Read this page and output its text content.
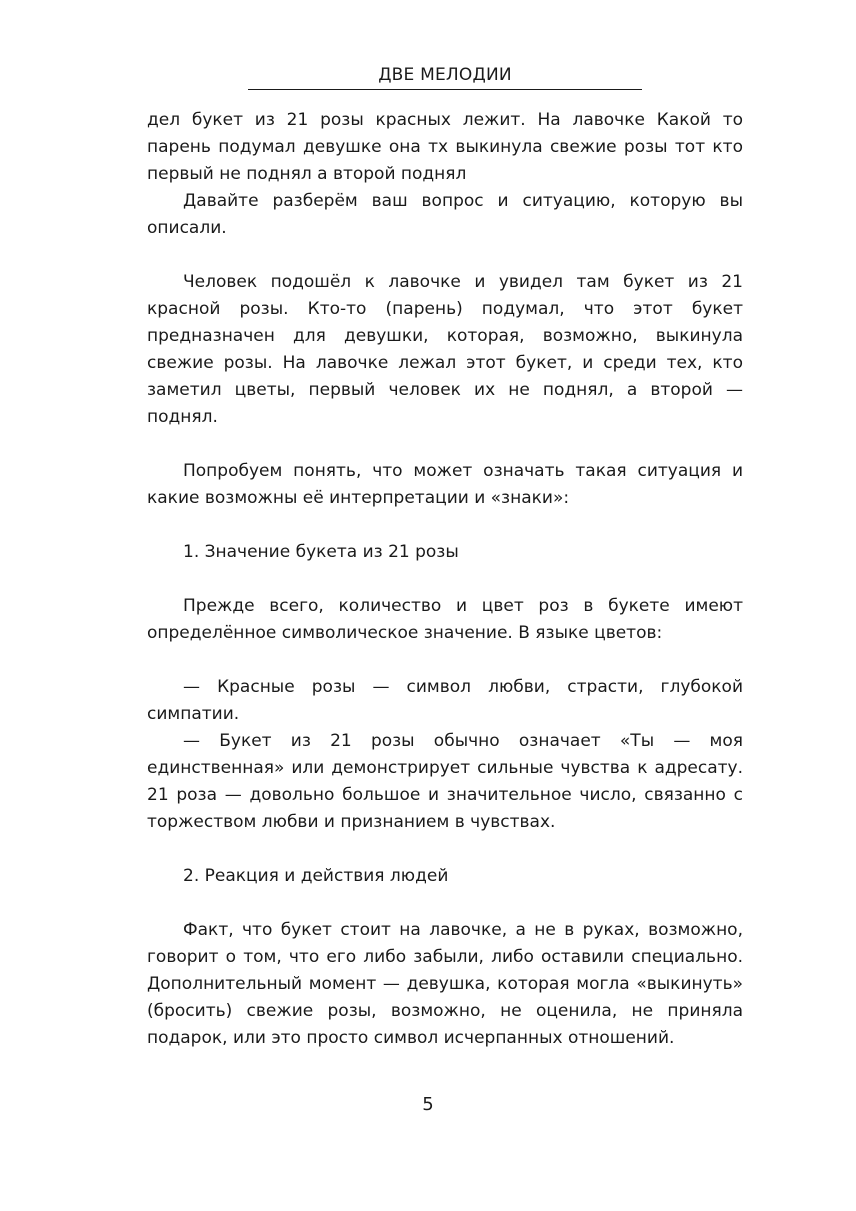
ДВЕ МЕЛОДИИ

дел букет из 21 розы красных лежит. На лавочке Какой то парень подумал девушке она тх выкинула свежие розы тот кто первый не поднял а второй поднял

Давайте разберём ваш вопрос и ситуацию, которую вы описали.

Человек подошёл к лавочке и увидел там букет из 21 красной розы. Кто-то (парень) подумал, что этот букет предназначен для девушки, которая, возможно, выкинула свежие розы. На лавочке лежал этот букет, и среди тех, кто заметил цветы, первый человек их не поднял, а второй — поднял.

Попробуем понять, что может означать такая ситуация и какие возможны её интерпретации и «знаки»:

1. Значение букета из 21 розы

Прежде всего, количество и цвет роз в букете имеют определённое символическое значение. В языке цветов:

— Красные розы — символ любви, страсти, глубокой симпатии.

— Букет из 21 розы обычно означает «Ты — моя единственная» или демонстрирует сильные чувства к адресату. 21 роза — довольно большое и значительное число, связанно с торжеством любви и признанием в чувствах.

2. Реакция и действия людей

Факт, что букет стоит на лавочке, а не в руках, возможно, говорит о том, что его либо забыли, либо оставили специально. Дополнительный момент — девушка, которая могла «выкинуть» (бросить) свежие розы, возможно, не оценила, не приняла подарок, или это просто символ исчерпанных отношений.

5
